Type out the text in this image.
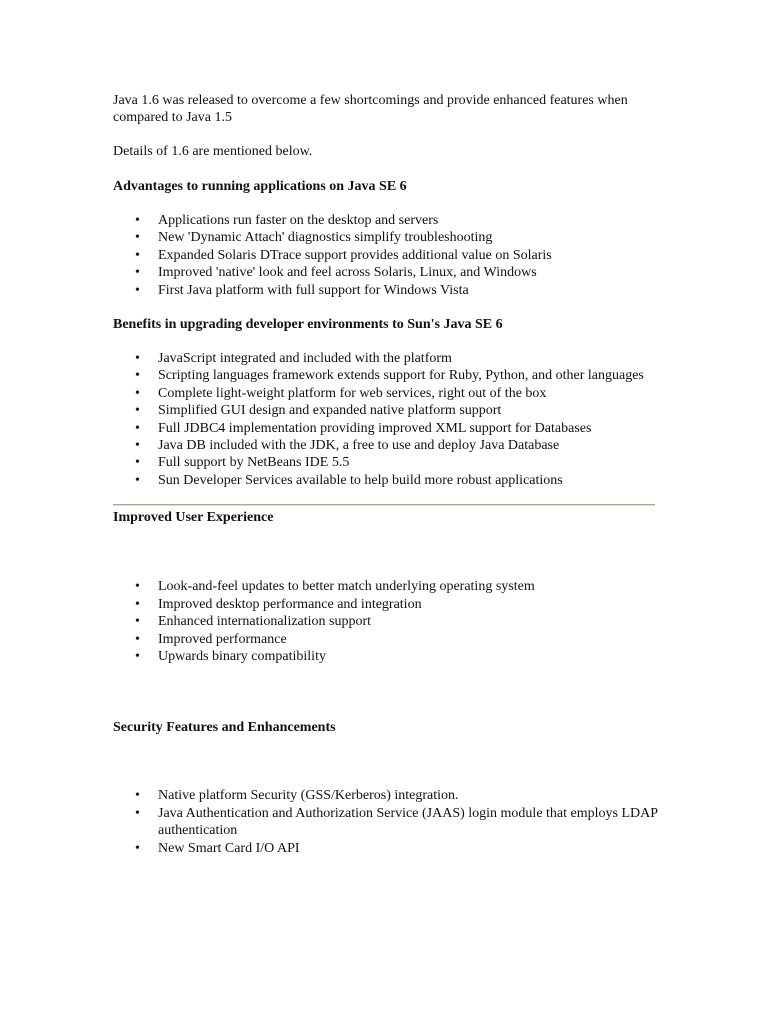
Java 1.6 was released to overcome a few shortcomings and provide enhanced features when compared to Java 1.5

Details of 1.6 are mentioned below.

Advantages to running applications on Java SE 6
• Applications run faster on the desktop and servers
• New 'Dynamic Attach' diagnostics simplify troubleshooting
• Expanded Solaris DTrace support provides additional value on Solaris
• Improved 'native' look and feel across Solaris, Linux, and Windows
• First Java platform with full support for Windows Vista
Benefits in upgrading developer environments to Sun's Java SE 6
• JavaScript integrated and included with the platform
• Scripting languages framework extends support for Ruby, Python, and other languages
• Complete light-weight platform for web services, right out of the box
• Simplified GUI design and expanded native platform support
• Full JDBC4 implementation providing improved XML support for Databases
• Java DB included with the JDK, a free to use and deploy Java Database
• Full support by NetBeans IDE 5.5
• Sun Developer Services available to help build more robust applications
Improved User Experience
• Look-and-feel updates to better match underlying operating system
• Improved desktop performance and integration
• Enhanced internationalization support
• Improved performance
• Upwards binary compatibility
Security Features and Enhancements
• Native platform Security (GSS/Kerberos) integration.
• Java Authentication and Authorization Service (JAAS) login module that employs LDAP authentication
• New Smart Card I/O API
